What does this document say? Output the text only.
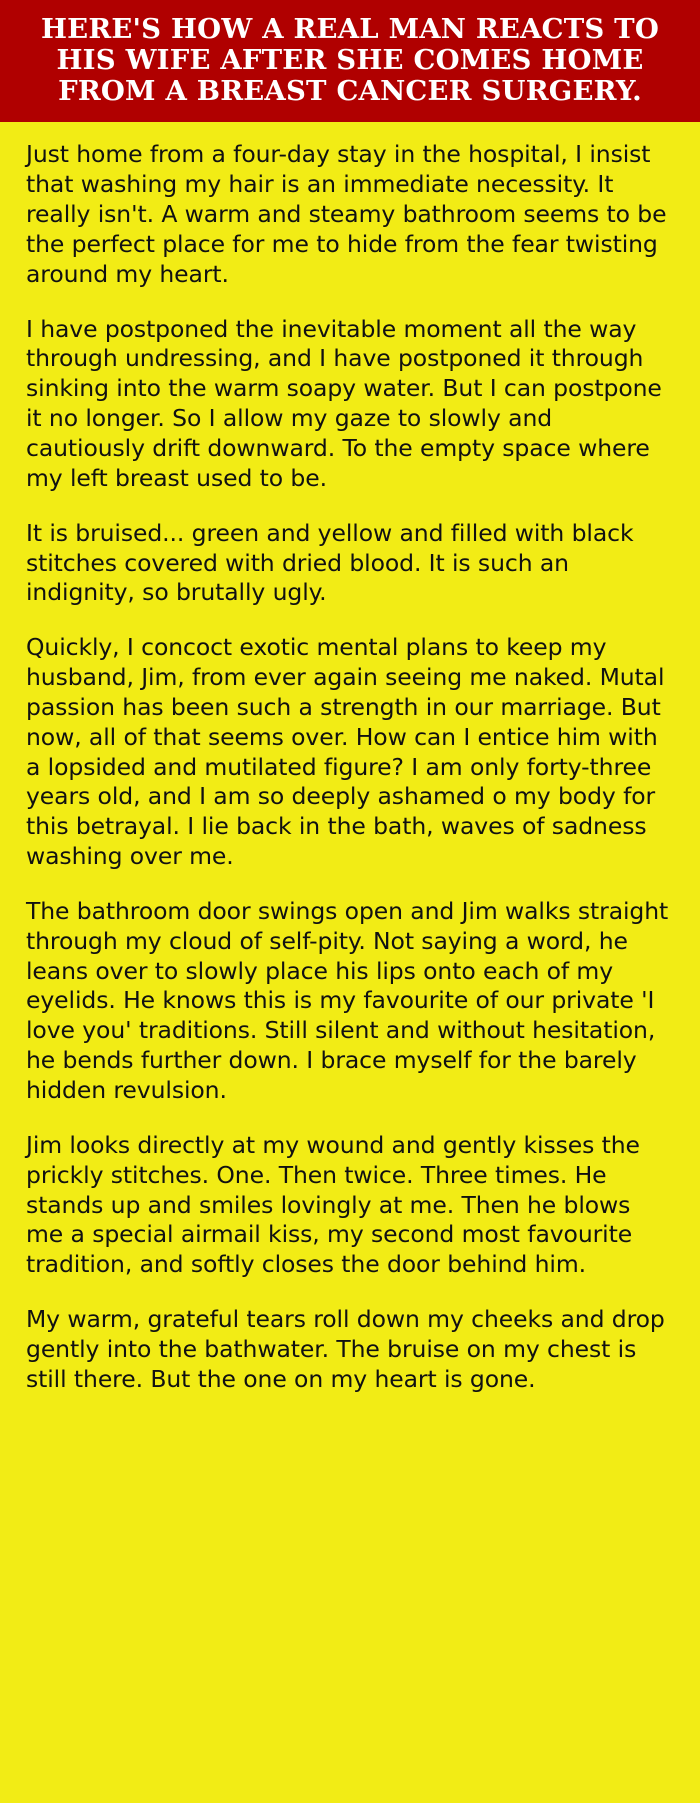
HERE'S HOW A REAL MAN REACTS TO HIS WIFE AFTER SHE COMES HOME FROM A BREAST CANCER SURGERY.

Just home from a four-day stay in the hospital, I insist that washing my hair is an immediate necessity. It really isn't. A warm and steamy bathroom seems to be the perfect place for me to hide from the fear twisting around my heart.

I have postponed the inevitable moment all the way through undressing, and I have postponed it through sinking into the warm soapy water. But I can postpone it no longer. So I allow my gaze to slowly and cautiously drift downward. To the empty space where my left breast used to be.

It is bruised... green and yellow and filled with black stitches covered with dried blood. It is such an indignity, so brutally ugly.

Quickly, I concoct exotic mental plans to keep my husband, Jim, from ever again seeing me naked. Mutal passion has been such a strength in our marriage. But now, all of that seems over. How can I entice him with a lopsided and mutilated figure? I am only forty-three years old, and I am so deeply ashamed o my body for this betrayal. I lie back in the bath, waves of sadness washing over me.

The bathroom door swings open and Jim walks straight through my cloud of self-pity. Not saying a word, he leans over to slowly place his lips onto each of my eyelids. He knows this is my favourite of our private 'I love you' traditions. Still silent and without hesitation, he bends further down. I brace myself for the barely hidden revulsion.

Jim looks directly at my wound and gently kisses the prickly stitches. One. Then twice. Three times. He stands up and smiles lovingly at me. Then he blows me a special airmail kiss, my second most favourite tradition, and softly closes the door behind him.

My warm, grateful tears roll down my cheeks and drop gently into the bathwater. The bruise on my chest is still there. But the one on my heart is gone.
